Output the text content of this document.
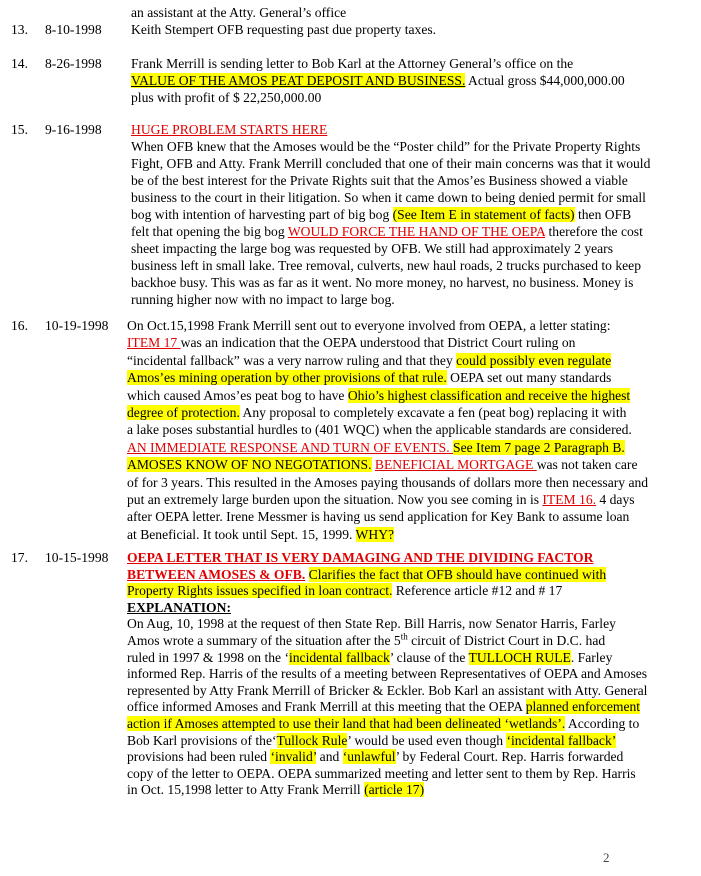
an assistant at the Atty. General’s office
13. 8-10-1998 Keith Stempert OFB requesting past due property taxes.
14. 8-26-1998 Frank Merrill is sending letter to Bob Karl at the Attorney General’s office on the
VALUE OF THE AMOS PEAT DEPOSIT AND BUSINESS. Actual gross $44,000,000.00
plus with profit of $ 22,250,000.00
15. 9-16-1998 HUGE PROBLEM STARTS HERE
When OFB knew that the Amoses would be the “Poster child” for the Private Property Rights
Fight, OFB and Atty. Frank Merrill concluded that one of their main concerns was that it would
be of the best interest for the Private Rights suit that the Amos’es Business showed a viable
business to the court in their litigation. So when it came down to being denied permit for small
bog with intention of harvesting part of big bog (See Item E in statement of facts) then OFB
felt that opening the big bog WOULD FORCE THE HAND OF THE OEPA therefore the cost
sheet impacting the large bog was requested by OFB. We still had approximately 2 years
business left in small lake. Tree removal, culverts, new haul roads, 2 trucks purchased to keep
backhoe busy. This was as far as it went. No more money, no harvest, no business. Money is
running higher now with no impact to large bog.
16. 10-19-1998 On Oct.15,1998 Frank Merrill sent out to everyone involved from OEPA, a letter stating:
ITEM 17 was an indication that the OEPA understood that District Court ruling on
“incidental fallback” was a very narrow ruling and that they could possibly even regulate
Amos’es mining operation by other provisions of that rule. OEPA set out many standards
which caused Amos’es peat bog to have Ohio’s highest classification and receive the highest
degree of protection. Any proposal to completely excavate a fen (peat bog) replacing it with
a lake poses substantial hurdles to (401 WQC) when the applicable standards are considered.
AN IMMEDIATE RESPONSE AND TURN OF EVENTS. See Item 7 page 2 Paragraph B.
AMOSES KNOW OF NO NEGOTATIONS. BENEFICIAL MORTGAGE was not taken care
of for 3 years. This resulted in the Amoses paying thousands of dollars more then necessary and
put an extremely large burden upon the situation. Now you see coming in is ITEM 16. 4 days
after OEPA letter. Irene Messmer is having us send application for Key Bank to assume loan
at Beneficial. It took until Sept. 15, 1999. WHY?
17. 10-15-1998 OEPA LETTER THAT IS VERY DAMAGING AND THE DIVIDING FACTOR
BETWEEN AMOSES & OFB. Clarifies the fact that OFB should have continued with
Property Rights issues specified in loan contract. Reference article #12 and # 17
EXPLANATION:
On Aug, 10, 1998 at the request of then State Rep. Bill Harris, now Senator Harris, Farley
Amos wrote a summary of the situation after the 5th circuit of District Court in D.C. had
ruled in 1997 & 1998 on the ‘incidental fallback’ clause of the TULLOCH RULE. Farley
informed Rep. Harris of the results of a meeting between Representatives of OEPA and Amoses
represented by Atty Frank Merrill of Bricker & Eckler. Bob Karl an assistant with Atty. General
office informed Amoses and Frank Merrill at this meeting that the OEPA planned enforcement
action if Amoses attempted to use their land that had been delineated ‘wetlands’. According to
Bob Karl provisions of the‘Tullock Rule’ would be used even though ‘incidental fallback’
provisions had been ruled ‘invalid’ and ‘unlawful’ by Federal Court. Rep. Harris forwarded
copy of the letter to OEPA. OEPA summarized meeting and letter sent to them by Rep. Harris
in Oct. 15,1998 letter to Atty Frank Merrill (article 17)
2
